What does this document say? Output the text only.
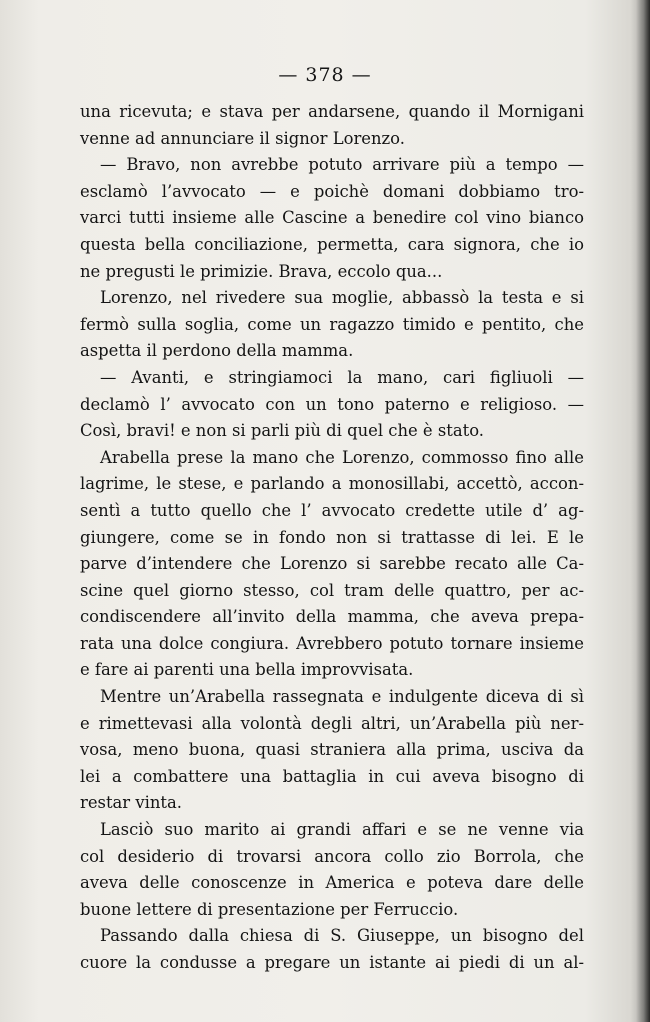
— 378 —
una ricevuta; e stava per andarsene, quando il Mornigani
venne ad annunciare il signor Lorenzo.
— Bravo, non avrebbe potuto arrivare più a tempo —
esclamò l’avvocato — e poichè domani dobbiamo tro-
varci tutti insieme alle Cascine a benedire col vino bianco
questa bella conciliazione, permetta, cara signora, che io
ne pregusti le primizie. Brava, eccolo qua...
Lorenzo, nel rivedere sua moglie, abbassò la testa e si
fermò sulla soglia, come un ragazzo timido e pentito, che
aspetta il perdono della mamma.
— Avanti, e stringiamoci la mano, cari figliuoli —
declamò l’ avvocato con un tono paterno e religioso. —
Così, bravi! e non si parli più di quel che è stato.
Arabella prese la mano che Lorenzo, commosso fino alle
lagrime, le stese, e parlando a monosillabi, accettò, accon-
sentì a tutto quello che l’ avvocato credette utile d’ ag-
giungere, come se in fondo non si trattasse di lei. E le
parve d’intendere che Lorenzo si sarebbe recato alle Ca-
scine quel giorno stesso, col tram delle quattro, per ac-
condiscendere all’invito della mamma, che aveva prepa-
rata una dolce congiura. Avrebbero potuto tornare insieme
e fare ai parenti una bella improvvisata.
Mentre un’Arabella rassegnata e indulgente diceva di sì
e rimettevasi alla volontà degli altri, un’Arabella più ner-
vosa, meno buona, quasi straniera alla prima, usciva da
lei a combattere una battaglia in cui aveva bisogno di
restar vinta.
Lasciò suo marito ai grandi affari e se ne venne via
col desiderio di trovarsi ancora collo zio Borrola, che
aveva delle conoscenze in America e poteva dare delle
buone lettere di presentazione per Ferruccio.
Passando dalla chiesa di S. Giuseppe, un bisogno del
cuore la condusse a pregare un istante ai piedi di un al-
